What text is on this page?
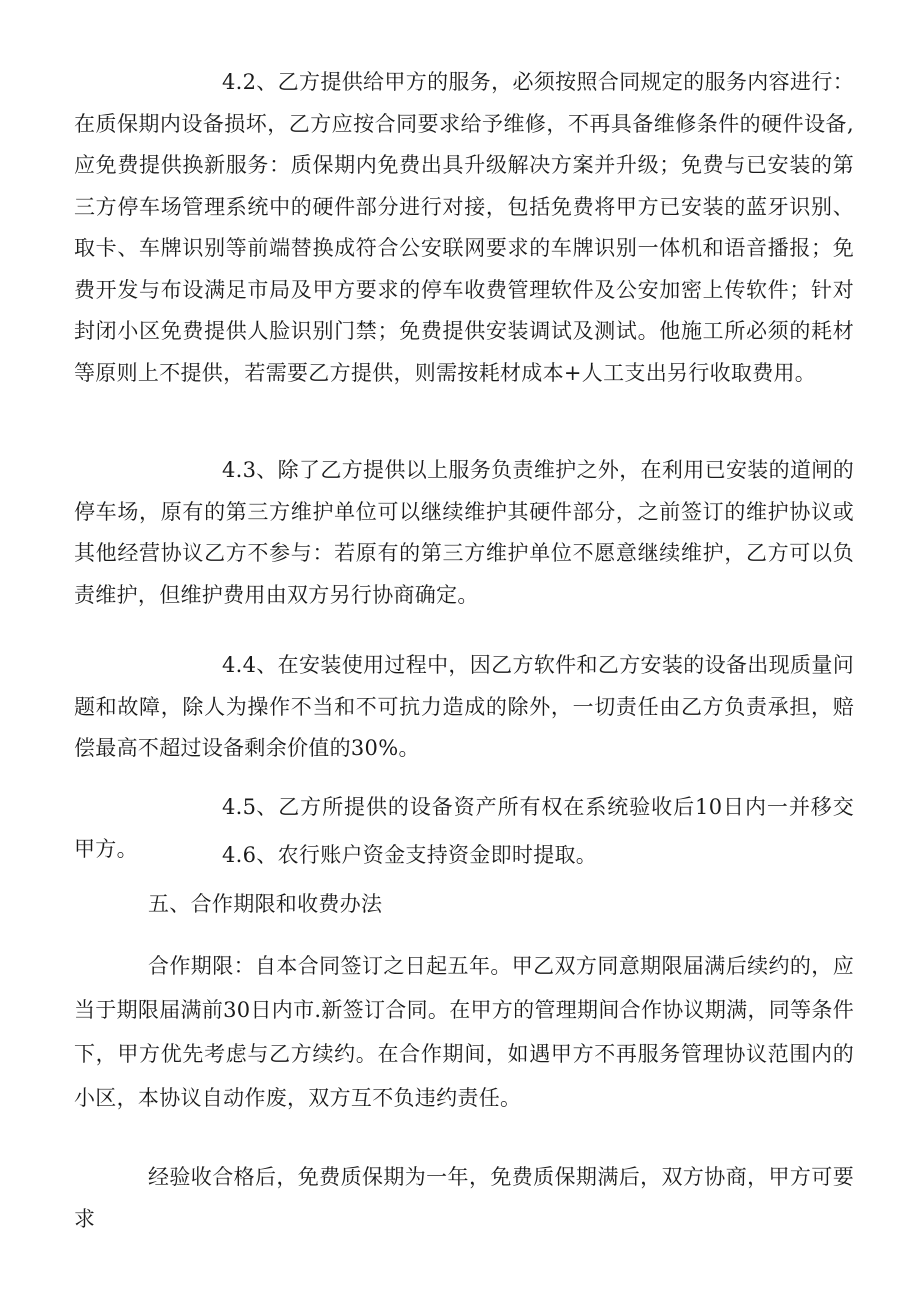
4.2、乙方提供给甲方的服务，必须按照合同规定的服务内容进行：在质保期内设备损坏，乙方应按合同要求给予维修，不再具备维修条件的硬件设备,应免费提供换新服务：质保期内免费出具升级解决方案并升级；免费与已安装的第三方停车场管理系统中的硬件部分进行对接，包括免费将甲方已安装的蓝牙识别、取卡、车牌识别等前端替换成符合公安联网要求的车牌识别一体机和语音播报；免费开发与布设满足市局及甲方要求的停车收费管理软件及公安加密上传软件；针对封闭小区免费提供人脸识别门禁；免费提供安装调试及测试。他施工所必须的耗材等原则上不提供，若需要乙方提供，则需按耗材成本+人工支出另行收取费用。

4.3、除了乙方提供以上服务负责维护之外，在利用已安装的道闸的停车场，原有的第三方维护单位可以继续维护其硬件部分，之前签订的维护协议或其他经营协议乙方不参与：若原有的第三方维护单位不愿意继续维护，乙方可以负责维护，但维护费用由双方另行协商确定。

4.4、在安装使用过程中，因乙方软件和乙方安装的设备出现质量问题和故障，除人为操作不当和不可抗力造成的除外，一切责任由乙方负责承担，赔偿最高不超过设备剩余价值的30%。

4.5、乙方所提供的设备资产所有权在系统验收后10日内一并移交甲方。	4.6、农行账户资金支持资金即时提取。

五、合作期限和收费办法

合作期限：自本合同签订之日起五年。甲乙双方同意期限届满后续约的，应当于期限届满前30日内市.新签订合同。在甲方的管理期间合作协议期满，同等条件下，甲方优先考虑与乙方续约。在合作期间，如遇甲方不再服务管理协议范围内的小区，本协议自动作废，双方互不负违约责任。

经验收合格后，免费质保期为一年，免费质保期满后，双方协商，甲方可要求
